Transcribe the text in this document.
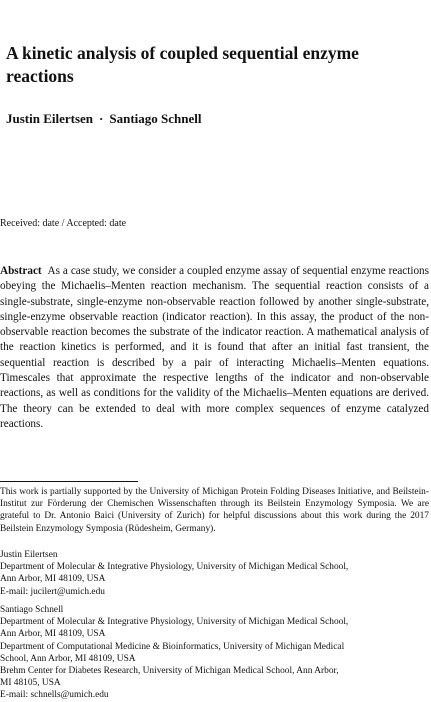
A kinetic analysis of coupled sequential enzyme reactions
Justin Eilertsen · Santiago Schnell
Received: date / Accepted: date

Abstract As a case study, we consider a coupled enzyme assay of sequential enzyme reactions obeying the Michaelis–Menten reaction mechanism. The sequential reaction consists of a single-substrate, single-enzyme non-observable reaction followed by another single-substrate, single-enzyme observable reaction (indicator reaction). In this assay, the product of the non-observable reaction becomes the substrate of the indicator reaction. A mathematical analysis of the reaction kinetics is performed, and it is found that after an initial fast transient, the sequential reaction is described by a pair of interacting Michaelis–Menten equations. Timescales that approximate the respective lengths of the indicator and non-observable reactions, as well as conditions for the validity of the Michaelis–Menten equations are derived. The theory can be extended to deal with more complex sequences of enzyme catalyzed reactions.

This work is partially supported by the University of Michigan Protein Folding Diseases Initiative, and Beilstein-Institut zur Förderung der Chemischen Wissenschaften through its Beilstein Enzymology Symposia. We are grateful to Dr. Antonio Baici (University of Zurich) for helpful discussions about this work during the 2017 Beilstein Enzymology Symposia (Rüdesheim, Germany).

Justin Eilertsen
Department of Molecular & Integrative Physiology, University of Michigan Medical School,
Ann Arbor, MI 48109, USA
E-mail: jucilert@umich.edu
Santiago Schnell
Department of Molecular & Integrative Physiology, University of Michigan Medical School,
Ann Arbor, MI 48109, USA
Department of Computational Medicine & Bioinformatics, University of Michigan Medical
School, Ann Arbor, MI 48109, USA
Brehm Center for Diabetes Research, University of Michigan Medical School, Ann Arbor,
MI 48105, USA
E-mail: schnells@umich.edu
